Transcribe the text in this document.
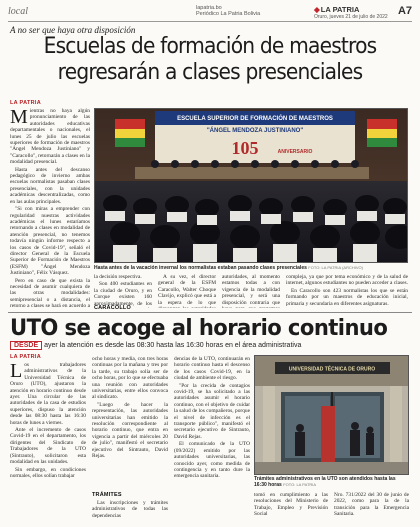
local	lapatria.bo
Periódico La Patria Bolivia	◆LA PATRIA
Oruro, jueves 21 de julio de 2022 A7
A no ser que haya otra disposición
Escuelas de formación de maestros
regresarán a clases presenciales
LA PATRIA
M ientras no haya algún pronunciamiento de las autoridades educativas departamentales o nacionales, el lunes 25 de julio las escuelas superiores de formación de maestros "Ángel Mendoza Justiniano" y "Caracollo", retornarán a clases en la modalidad presencial.

Hasta antes del descanso pedagógico de invierno ambas escuelas normalistas pasaban clases presenciales, con la unidades académicas descentralizadas, como en las aulas principales.

"Si con miras a emprender con regularidad nuestras actividades académicas el lunes estaríamos retornando a clases en modalidad de atención presencial, no tenemos todavía ningún informe respecto a los casos de Covid-19", señaló el director General de la Escuela Superior de Formación de Maestros (ESFM) "Ángel Mendoza Justiniano", Félix Vásquez.

Pero en caso de que exista la necesidad de asumir cualquiera de las otras modalidades: semipresencial o a distancia, el retorno a clases se hará en acuerdo a

ESCUELA SUPERIOR DE FORMACIÓN DE MAESTROS
"ÁNGEL MENDOZA JUSTINIANO"
105	ANIVERSARIO
Hasta antes de la vacación invernal los normalistas estaban pasando clases presenciales FOTO: LA PATRIA (ARCHIVO)

la decisión respectiva.

Son 400 estudiantes en la ciudad de Oruro, y en Corque existen 160 aproximadamente, de los

CARACOLLO

A su vez, el director general de la ESFM Caracollo, Walter Choque Clavijo, explicó que está a la espera de lo que

autoridades, al momento estamos todas a con vigencia de la modalidad presencial, y será una disposición contraria que

compleja, ya que por tema económico y de la salud de internet, algunos estudiantes no pueden acceder a clases.

En Caracollo son 423 normalistas los que se están formando por un maestros de educación inicial, primaria y secundaria en diferentes asignaturas.

UTO se acoge al horario continuo
DESDE ayer la atención es desde las 08:30 hasta las 16:30 horas en el área administrativa
LA PATRIA
L os trabajadores administrativos de la Universidad Técnica de Oruro (UTO), ajustaron la atención en horario continuo desde ayer. Una circular de las autoridades de la casa de estudios superiores, dispuso la atención desde las 08:30 hasta las 16:30 horas de lunes a viernes.

Ante el incremento de casos Covid-19 en el departamento, los dirigentes del Sindicato de Trabajadores de la UTO (Sintrauto), solicitaron esta modalidad en las unidades.

Sin embargo, en condiciones normales, ellos solían trabajar

ocho horas y media, con tres horas continuas por la mañana y tres por la tarde, su trabajo solía ser de ocho horas, por lo que se efectuaba una reunión con autoridades universitarias, entre ellos convoca al sindicato.

"Luego de hacer la representación, las autoridades universitarias han emitido la resolución correspondiente al horario continuo, que entra en vigencia a partir del miércoles 20 de julio", manifestó el secretario ejecutivo del Sintrauto, David Rejas.

TRÁMITES

Las inscripciones y trámites administrativos de todas las dependencias

dencias de la UTO, continuarán en horario continuo hasta el descenso de los casos Covid-19, en la ciudad de ambiente el riesgo.

"Por la crecida de contagios covid-19, se ha solicitado a las autoridades asumir el horario continuo, con el objetivo de cuidar la salud de los compañeros, porque el nivel de infección es el transporte público", manifestó el secretario ejecutivo de Sintrauto, David Rejas.

El comunicado de la UTO (09/2022) emitido por las autoridades universitarias, las conocido ayer, como medida de contingencia y en tanto dure la emergencia sanitaria.

UNIVERSIDAD TÉCNICA DE ORURO
Trámites administrativos en la UTO son atendidos hasta las 16:30 horas FOTO: LA PATRIA

tomó en cumplimiento a las resoluciones del Ministerio de Trabajo, Empleo y Previsión Social

Nro. 731/2022 del 30 de junio de 2022, como para la de la transición para la Emergencia Sanitaria.
